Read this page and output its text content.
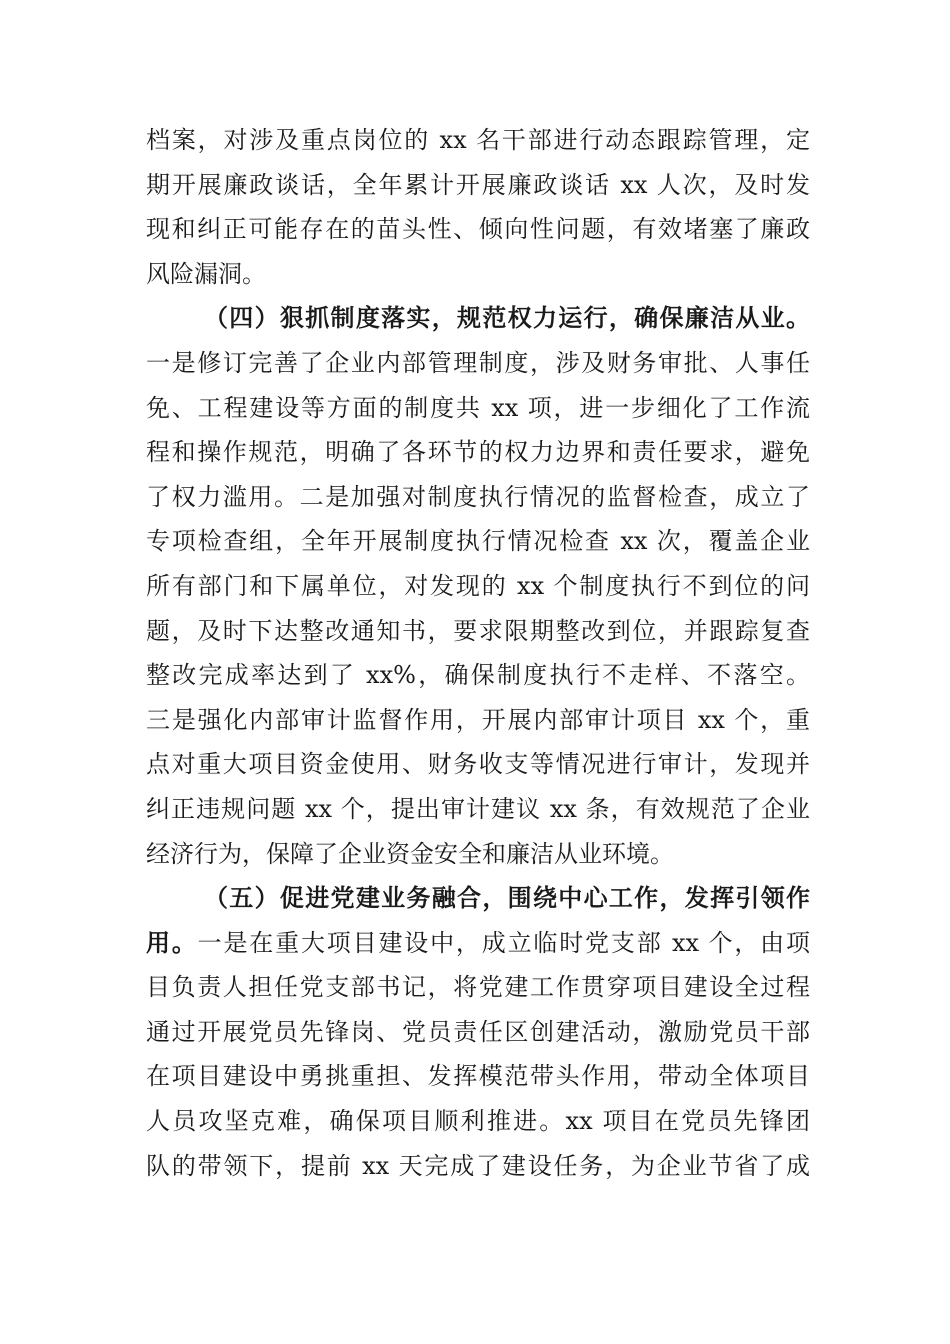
档案，对涉及重点岗位的 xx 名干部进行动态跟踪管理，定
期开展廉政谈话，全年累计开展廉政谈话 xx 人次，及时发
现和纠正可能存在的苗头性、倾向性问题，有效堵塞了廉政
风险漏洞。
（四）狠抓制度落实，规范权力运行，确保廉洁从业。
一是修订完善了企业内部管理制度，涉及财务审批、人事任
免、工程建设等方面的制度共 xx 项，进一步细化了工作流
程和操作规范，明确了各环节的权力边界和责任要求，避免
了权力滥用。二是加强对制度执行情况的监督检查，成立了
专项检查组，全年开展制度执行情况检查 xx 次，覆盖企业
所有部门和下属单位，对发现的 xx 个制度执行不到位的问
题，及时下达整改通知书，要求限期整改到位，并跟踪复查
整改完成率达到了 xx%，确保制度执行不走样、不落空。
三是强化内部审计监督作用，开展内部审计项目 xx 个，重
点对重大项目资金使用、财务收支等情况进行审计，发现并
纠正违规问题 xx 个，提出审计建议 xx 条，有效规范了企业
经济行为，保障了企业资金安全和廉洁从业环境。
（五）促进党建业务融合，围绕中心工作，发挥引领作
用。一是在重大项目建设中，成立临时党支部 xx 个，由项
目负责人担任党支部书记，将党建工作贯穿项目建设全过程
通过开展党员先锋岗、党员责任区创建活动，激励党员干部
在项目建设中勇挑重担、发挥模范带头作用，带动全体项目
人员攻坚克难，确保项目顺利推进。xx 项目在党员先锋团
队的带领下，提前 xx 天完成了建设任务，为企业节省了成
